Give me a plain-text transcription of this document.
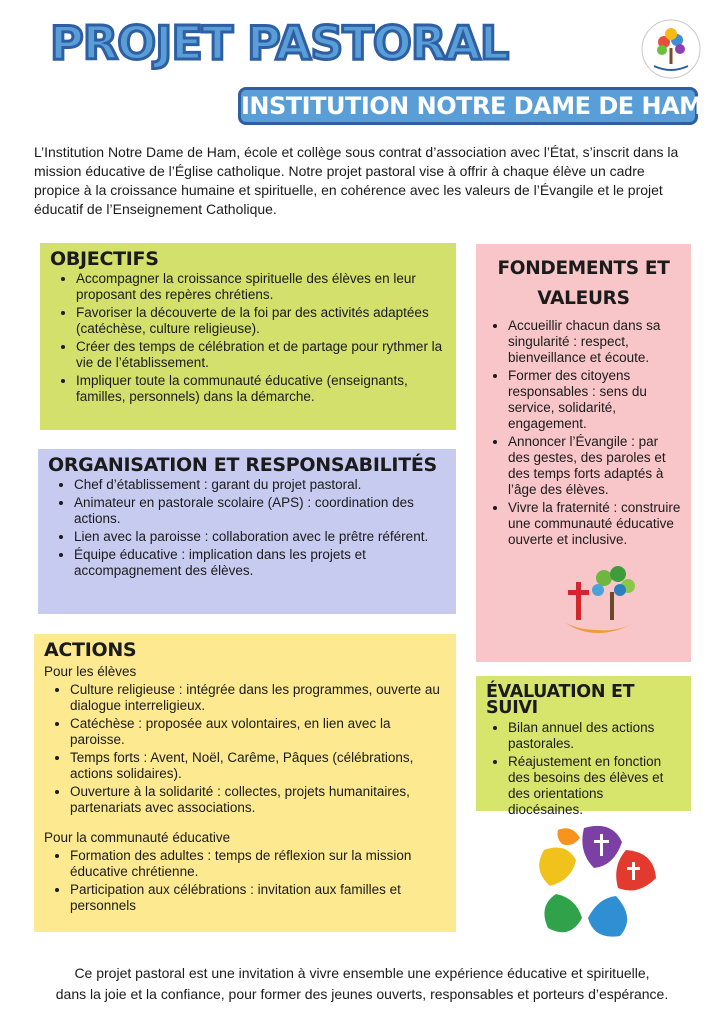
PROJET PASTORAL
INSTITUTION NOTRE DAME DE HAM
L’Institution Notre Dame de Ham, école et collège sous contrat d’association avec l’État, s’inscrit dans la mission éducative de l’Église catholique. Notre projet pastoral vise à offrir à chaque élève un cadre propice à la croissance humaine et spirituelle, en cohérence avec les valeurs de l’Évangile et le projet éducatif de l’Enseignement Catholique.
OBJECTIFS
• Accompagner la croissance spirituelle des élèves en leur proposant des repères chrétiens.
• Favoriser la découverte de la foi par des activités adaptées (catéchèse, culture religieuse).
• Créer des temps de célébration et de partage pour rythmer la vie de l’établissement.
• Impliquer toute la communauté éducative (enseignants, familles, personnels) dans la démarche.
ORGANISATION ET RESPONSABILITÉS
• Chef d’établissement : garant du projet pastoral.
• Animateur en pastorale scolaire (APS) : coordination des actions.
• Lien avec la paroisse : collaboration avec le prêtre référent.
• Équipe éducative : implication dans les projets et accompagnement des élèves.
ACTIONS
Pour les élèves
• Culture religieuse : intégrée dans les programmes, ouverte au dialogue interreligieux.
• Catéchèse : proposée aux volontaires, en lien avec la paroisse.
• Temps forts : Avent, Noël, Carême, Pâques (célébrations, actions solidaires).
• Ouverture à la solidarité : collectes, projets humanitaires, partenariats avec associations.
Pour la communauté éducative
• Formation des adultes : temps de réflexion sur la mission éducative chrétienne.
• Participation aux célébrations : invitation aux familles et personnels
FONDEMENTS ET
VALEURS
• Accueillir chacun dans sa singularité : respect, bienveillance et écoute.
• Former des citoyens responsables : sens du service, solidarité, engagement.
• Annoncer l’Évangile : par des gestes, des paroles et des temps forts adaptés à l’âge des élèves.
• Vivre la fraternité : construire une communauté éducative ouverte et inclusive.
ÉVALUATION ET SUIVI
• Bilan annuel des actions pastorales.
• Réajustement en fonction des besoins des élèves et des orientations diocésaines.
Ce projet pastoral est une invitation à vivre ensemble une expérience éducative et spirituelle,
dans la joie et la confiance, pour former des jeunes ouverts, responsables et porteurs d’espérance.
